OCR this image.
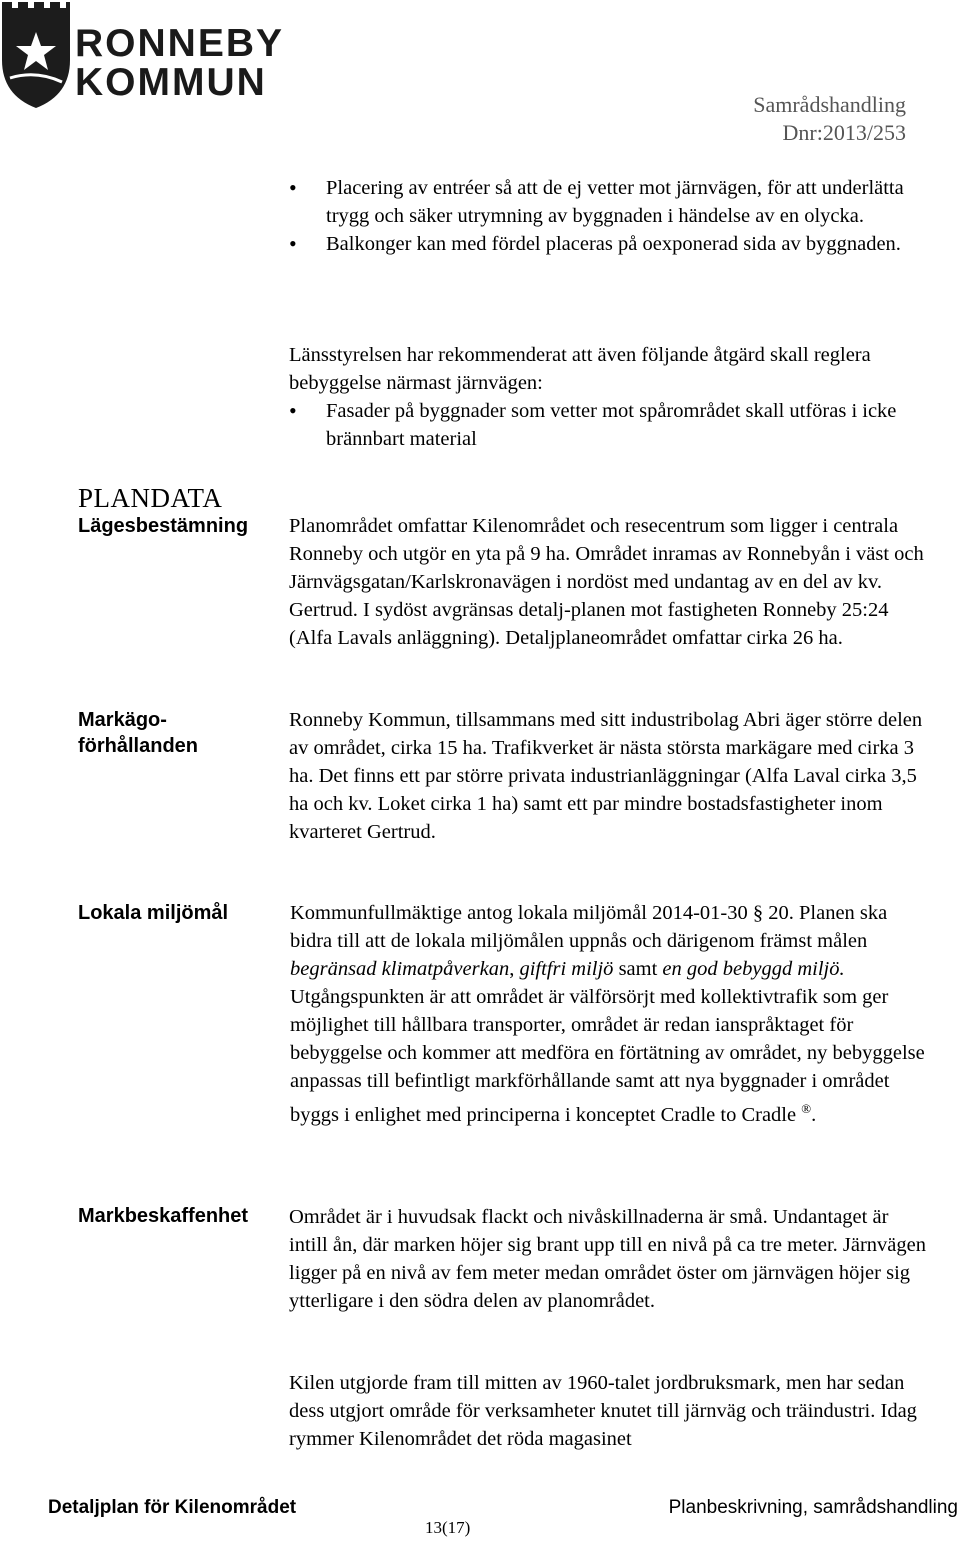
RONNEBY
KOMMUN
Samrådshandling
Dnr:2013/253
• Placering av entréer så att de ej vetter mot järnvägen, för att underlätta trygg och säker utrymning av byggnaden i händelse av en olycka.
• Balkonger kan med fördel placeras på oexponerad sida av byggnaden.

Länsstyrelsen har rekommenderat att även följande åtgärd skall reglera bebyggelse närmast järnvägen:

• Fasader på byggnader som vetter mot spårområdet skall utföras i icke brännbart material
PLANDATA
Lägesbestämning Planområdet omfattar Kilenområdet och resecentrum som ligger i centrala Ronneby och utgör en yta på 9 ha. Området inramas av Ronnebyån i väst och Järnvägsgatan/Karlskronavägen i nordöst med undantag av en del av kv. Gertrud. I sydöst avgränsas detalj-planen mot fastigheten Ronneby 25:24 (Alfa Lavals anläggning). Detaljplaneområdet omfattar cirka 26 ha.

Markägo-
förhållanden

Ronneby Kommun, tillsammans med sitt industribolag Abri äger större delen av området, cirka 15 ha. Trafikverket är nästa största markägare med cirka 3 ha. Det finns ett par större privata industrianläggningar (Alfa Laval cirka 3,5 ha och kv. Loket cirka 1 ha) samt ett par mindre bostadsfastigheter inom kvarteret Gertrud.

Lokala miljömål	Kommunfullmäktige antog lokala miljömål 2014-01-30 § 20. Planen ska bidra till att de lokala miljömålen uppnås och därigenom främst målen begränsad klimatpåverkan, giftfri miljö samt en god bebyggd miljö. Utgångspunkten är att området är välförsörjt med kollektivtrafik som ger möjlighet till hållbara transporter, området är redan ianspråktaget för bebyggelse och kommer att medföra en förtätning av området, ny bebyggelse anpassas till befintligt markförhållande samt att nya byggnader i området byggs i enlighet med principerna i konceptet Cradle to Cradle ®.

Markbeskaffenhet Området är i huvudsak flackt och nivåskillnaderna är små. Undantaget är intill ån, där marken höjer sig brant upp till en nivå på ca tre meter. Järnvägen ligger på en nivå av fem meter medan området öster om järnvägen höjer sig ytterligare i den södra delen av planområdet.

Kilen utgjorde fram till mitten av 1960-talet jordbruksmark, men har sedan dess utgjort område för verksamheter knutet till järnväg och träindustri. Idag rymmer Kilenområdet det röda magasinet

Detaljplan för Kilenområdet
13(17)
Planbeskrivning, samrådshandling
